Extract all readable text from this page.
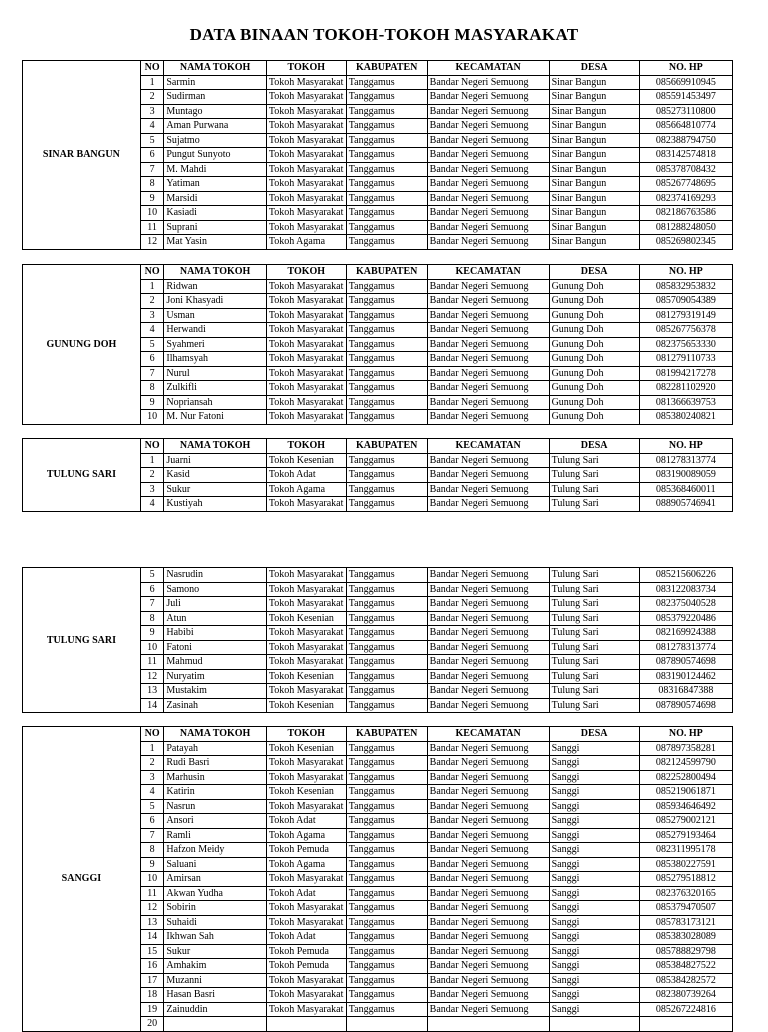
DATA BINAAN TOKOH-TOKOH MASYARAKAT
SINAR BANGUN	NO	NAMA TOKOH	TOKOH	KABUPATEN	KECAMATAN	DESA	NO. HP
	1	Sarmin	Tokoh Masyarakat	Tanggamus	Bandar Negeri Semuong	Sinar Bangun	085669910945
	2	Sudirman	Tokoh Masyarakat	Tanggamus	Bandar Negeri Semuong	Sinar Bangun	085591453497
	3	Muntago	Tokoh Masyarakat	Tanggamus	Bandar Negeri Semuong	Sinar Bangun	085273110800
	4	Aman Purwana	Tokoh Masyarakat	Tanggamus	Bandar Negeri Semuong	Sinar Bangun	085664810774
	5	Sujatmo	Tokoh Masyarakat	Tanggamus	Bandar Negeri Semuong	Sinar Bangun	082388794750
	6	Pungut Sunyoto	Tokoh Masyarakat	Tanggamus	Bandar Negeri Semuong	Sinar Bangun	083142574818
	7	M. Mahdi	Tokoh Masyarakat	Tanggamus	Bandar Negeri Semuong	Sinar Bangun	085378708432
	8	Yatiman	Tokoh Masyarakat	Tanggamus	Bandar Negeri Semuong	Sinar Bangun	085267748695
	9	Marsidi	Tokoh Masyarakat	Tanggamus	Bandar Negeri Semuong	Sinar Bangun	082374169293
	10	Kasiadi	Tokoh Masyarakat	Tanggamus	Bandar Negeri Semuong	Sinar Bangun	082186763586
	11	Suprani	Tokoh Masyarakat	Tanggamus	Bandar Negeri Semuong	Sinar Bangun	081288248050
	12	Mat Yasin	Tokoh Agama	Tanggamus	Bandar Negeri Semuong	Sinar Bangun	085269802345
GUNUNG DOH	NO	NAMA TOKOH	TOKOH	KABUPATEN	KECAMATAN	DESA	NO. HP
	1	Ridwan	Tokoh Masyarakat	Tanggamus	Bandar Negeri Semuong	Gunung Doh	085832953832
	2	Joni Khasyadi	Tokoh Masyarakat	Tanggamus	Bandar Negeri Semuong	Gunung Doh	085709054389
	3	Usman	Tokoh Masyarakat	Tanggamus	Bandar Negeri Semuong	Gunung Doh	081279319149
	4	Herwandi	Tokoh Masyarakat	Tanggamus	Bandar Negeri Semuong	Gunung Doh	085267756378
	5	Syahmeri	Tokoh Masyarakat	Tanggamus	Bandar Negeri Semuong	Gunung Doh	082375653330
	6	Ilhamsyah	Tokoh Masyarakat	Tanggamus	Bandar Negeri Semuong	Gunung Doh	081279110733
	7	Nurul	Tokoh Masyarakat	Tanggamus	Bandar Negeri Semuong	Gunung Doh	081994217278
	8	Zulkifli	Tokoh Masyarakat	Tanggamus	Bandar Negeri Semuong	Gunung Doh	082281102920
	9	Nopriansah	Tokoh Masyarakat	Tanggamus	Bandar Negeri Semuong	Gunung Doh	081366639753
	10	M. Nur Fatoni	Tokoh Masyarakat	Tanggamus	Bandar Negeri Semuong	Gunung Doh	085380240821
TULUNG SARI	NO	NAMA TOKOH	TOKOH	KABUPATEN	KECAMATAN	DESA	NO. HP
	1	Juarni	Tokoh Kesenian	Tanggamus	Bandar Negeri Semuong	Tulung Sari	081278313774
	2	Kasid	Tokoh Adat	Tanggamus	Bandar Negeri Semuong	Tulung Sari	083190089059
	3	Sukur	Tokoh Agama	Tanggamus	Bandar Negeri Semuong	Tulung Sari	085368460011
	4	Kustiyah	Tokoh Masyarakat	Tanggamus	Bandar Negeri Semuong	Tulung Sari	088905746941
TULUNG SARI	5	Nasrudin	Tokoh Masyarakat	Tanggamus	Bandar Negeri Semuong	Tulung Sari	085215606226
	6	Samono	Tokoh Masyarakat	Tanggamus	Bandar Negeri Semuong	Tulung Sari	083122083734
	7	Juli	Tokoh Masyarakat	Tanggamus	Bandar Negeri Semuong	Tulung Sari	082375040528
	8	Atun	Tokoh Kesenian	Tanggamus	Bandar Negeri Semuong	Tulung Sari	085379220486
	9	Habibi	Tokoh Masyarakat	Tanggamus	Bandar Negeri Semuong	Tulung Sari	082169924388
	10	Fatoni	Tokoh Masyarakat	Tanggamus	Bandar Negeri Semuong	Tulung Sari	081278313774
	11	Mahmud	Tokoh Masyarakat	Tanggamus	Bandar Negeri Semuong	Tulung Sari	087890574698
	12	Nuryatim	Tokoh Kesenian	Tanggamus	Bandar Negeri Semuong	Tulung Sari	083190124462
	13	Mustakim	Tokoh Masyarakat	Tanggamus	Bandar Negeri Semuong	Tulung Sari	08316847388
	14	Zasinah	Tokoh Kesenian	Tanggamus	Bandar Negeri Semuong	Tulung Sari	087890574698
SANGGI	NO	NAMA TOKOH	TOKOH	KABUPATEN	KECAMATAN	DESA	NO. HP
	1	Patayah	Tokoh Kesenian	Tanggamus	Bandar Negeri Semuong	Sanggi	087897358281
	2	Rudi Basri	Tokoh Masyarakat	Tanggamus	Bandar Negeri Semuong	Sanggi	082124599790
	3	Marhusin	Tokoh Masyarakat	Tanggamus	Bandar Negeri Semuong	Sanggi	082252800494
	4	Katirin	Tokoh Kesenian	Tanggamus	Bandar Negeri Semuong	Sanggi	085219061871
	5	Nasrun	Tokoh Masyarakat	Tanggamus	Bandar Negeri Semuong	Sanggi	085934646492
	6	Ansori	Tokoh Adat	Tanggamus	Bandar Negeri Semuong	Sanggi	085279002121
	7	Ramli	Tokoh Agama	Tanggamus	Bandar Negeri Semuong	Sanggi	085279193464
	8	Hafzon Meidy	Tokoh Pemuda	Tanggamus	Bandar Negeri Semuong	Sanggi	082311995178
	9	Saluani	Tokoh Agama	Tanggamus	Bandar Negeri Semuong	Sanggi	085380227591
	10	Amirsan	Tokoh Masyarakat	Tanggamus	Bandar Negeri Semuong	Sanggi	085279518812
	11	Akwan Yudha	Tokoh Adat	Tanggamus	Bandar Negeri Semuong	Sanggi	082376320165
	12	Sobirin	Tokoh Masyarakat	Tanggamus	Bandar Negeri Semuong	Sanggi	085379470507
	13	Suhaidi	Tokoh Masyarakat	Tanggamus	Bandar Negeri Semuong	Sanggi	085783173121
	14	Ikhwan Sah	Tokoh Adat	Tanggamus	Bandar Negeri Semuong	Sanggi	085383028089
	15	Sukur	Tokoh Pemuda	Tanggamus	Bandar Negeri Semuong	Sanggi	085788829798
	16	Amhakim	Tokoh Pemuda	Tanggamus	Bandar Negeri Semuong	Sanggi	085384827522
	17	Muzanni	Tokoh Masyarakat	Tanggamus	Bandar Negeri Semuong	Sanggi	085384282572
	18	Hasan Basri	Tokoh Masyarakat	Tanggamus	Bandar Negeri Semuong	Sanggi	082380739264
	19	Zainuddin	Tokoh Masyarakat	Tanggamus	Bandar Negeri Semuong	Sanggi	085267224816
	20						
